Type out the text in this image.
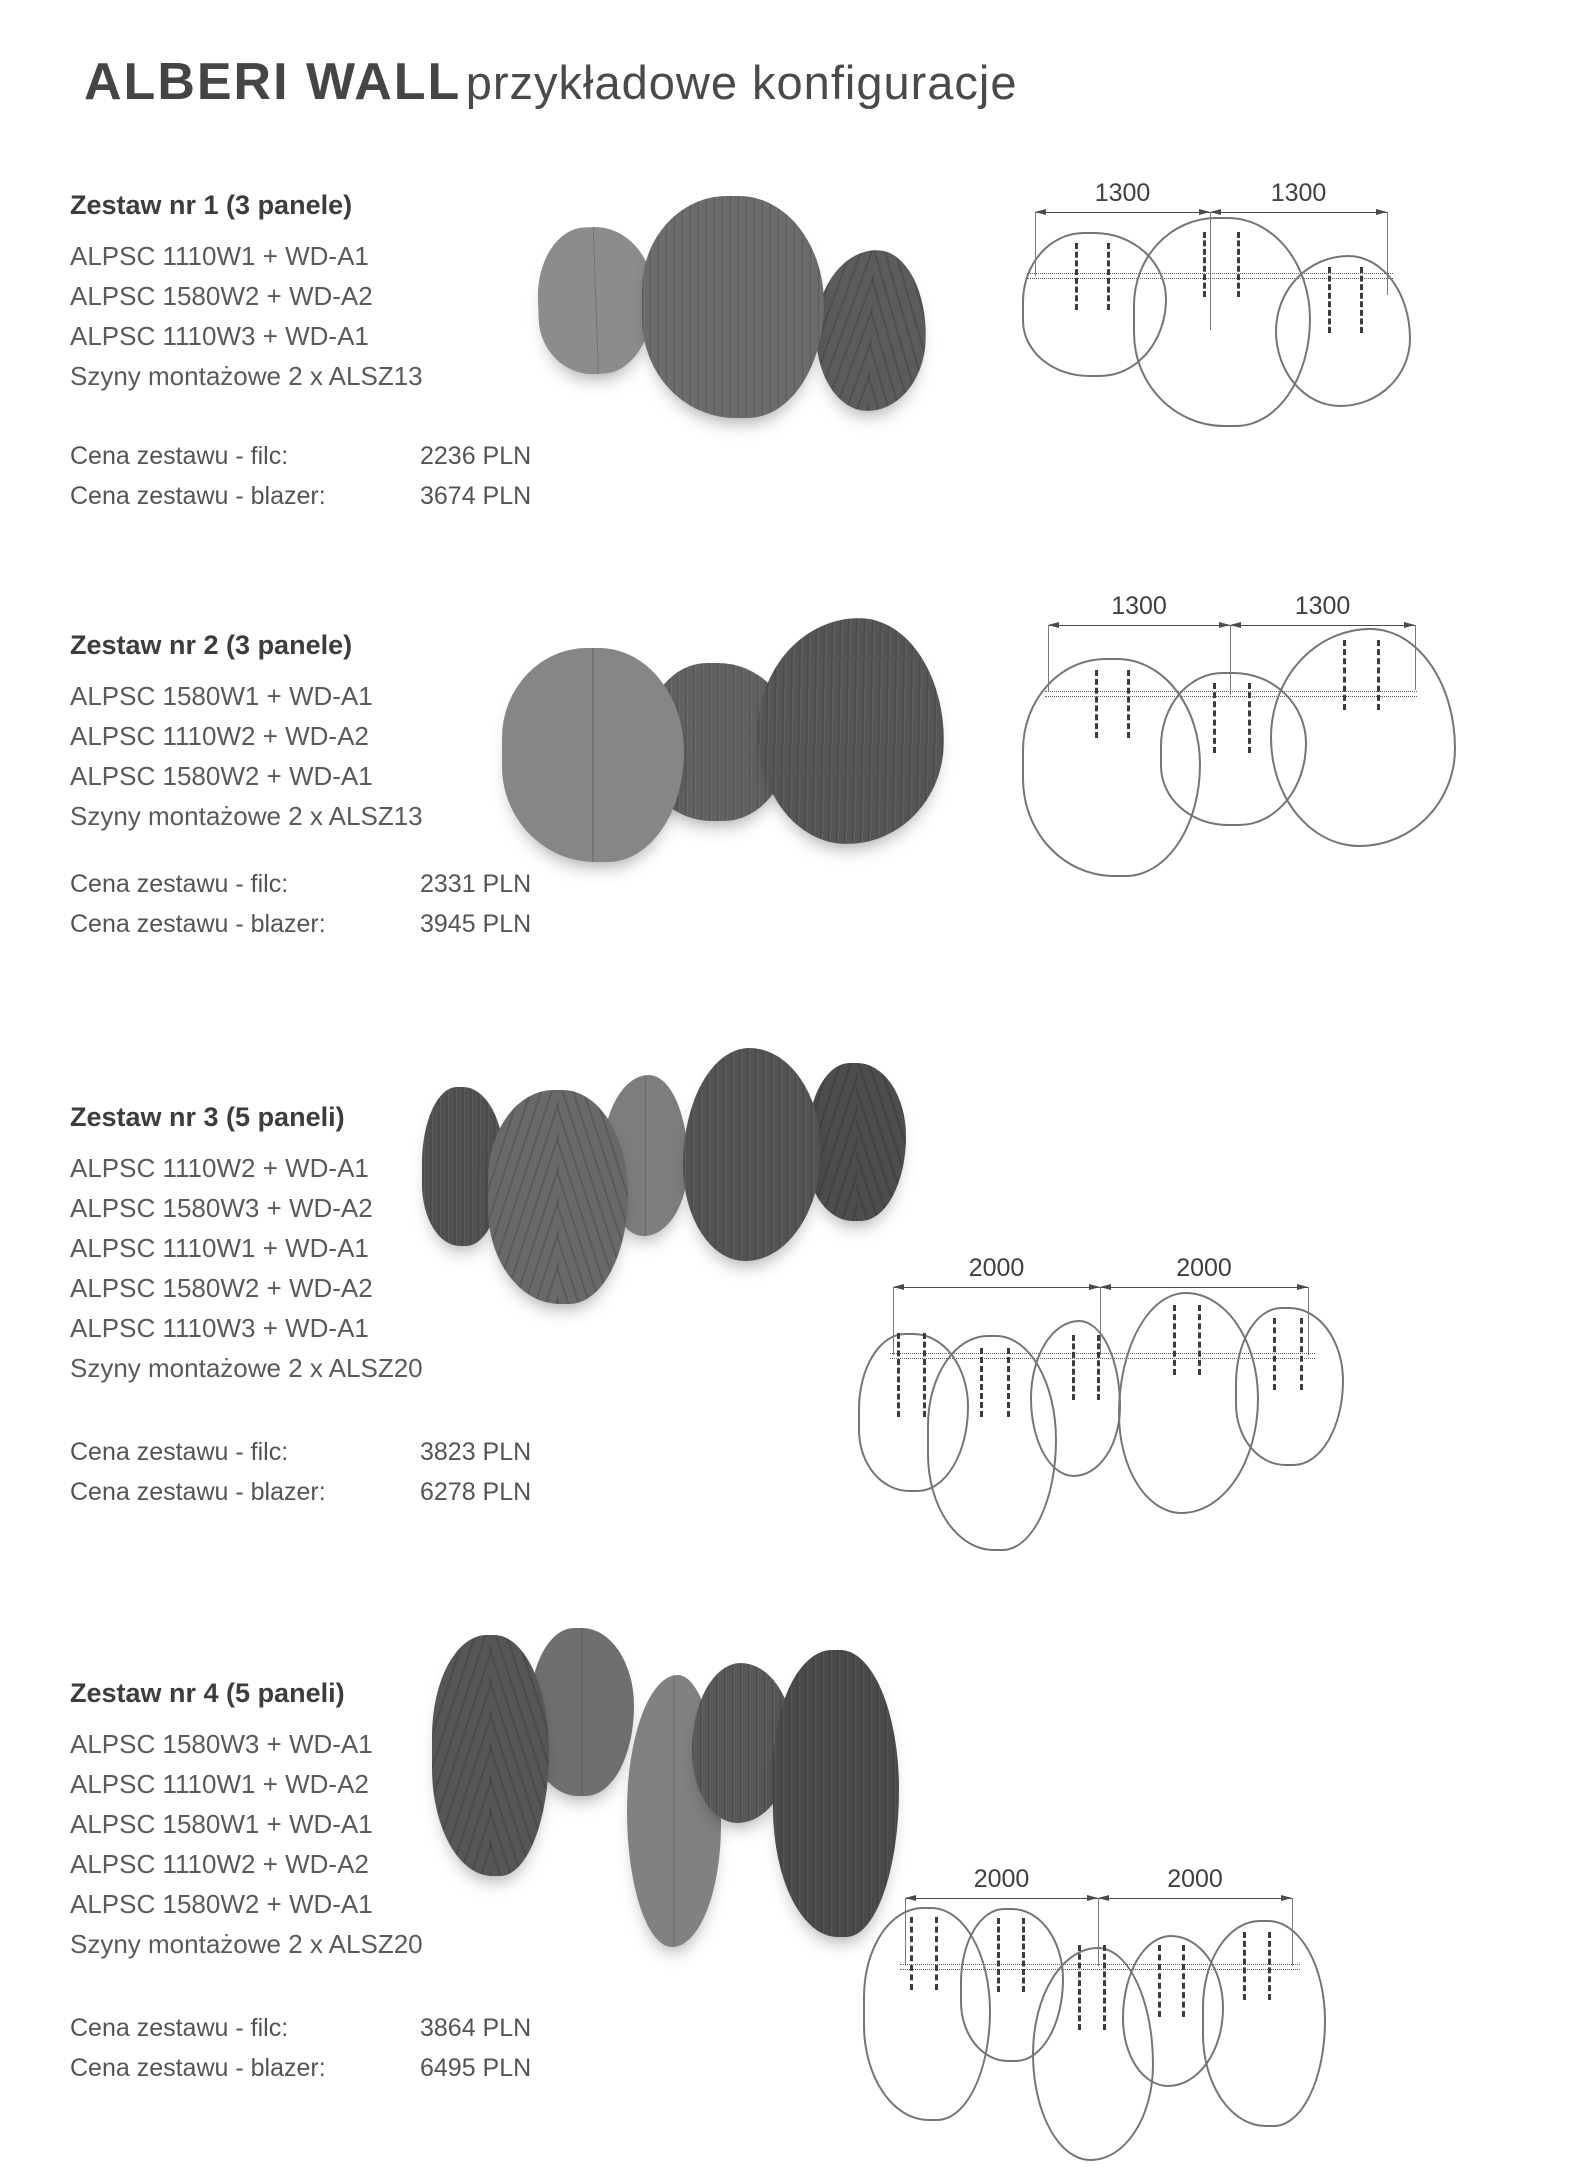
ALBERI WALL przykładowe konfiguracje
Zestaw nr 1 (3 panele)
ALPSC 1110W1 + WD-A1
ALPSC 1580W2 + WD-A2
ALPSC 1110W3 + WD-A1
Szyny montażowe 2 x ALSZ13
Cena zestawu - filc:	2236 PLN
Cena zestawu - blazer:	3674 PLN
1300	1300
Zestaw nr 2 (3 panele)
ALPSC 1580W1 + WD-A1
ALPSC 1110W2 + WD-A2
ALPSC 1580W2 + WD-A1
Szyny montażowe 2 x ALSZ13
Cena zestawu - filc:	2331 PLN
Cena zestawu - blazer:	3945 PLN
1300	1300
Zestaw nr 3 (5 paneli)
ALPSC 1110W2 + WD-A1
ALPSC 1580W3 + WD-A2
ALPSC 1110W1 + WD-A1
ALPSC 1580W2 + WD-A2
ALPSC 1110W3 + WD-A1
Szyny montażowe 2 x ALSZ20
Cena zestawu - filc:	3823 PLN
Cena zestawu - blazer:	6278 PLN
2000	2000
Zestaw nr 4 (5 paneli)
ALPSC 1580W3 + WD-A1
ALPSC 1110W1 + WD-A2
ALPSC 1580W1 + WD-A1
ALPSC 1110W2 + WD-A2
ALPSC 1580W2 + WD-A1
Szyny montażowe 2 x ALSZ20
Cena zestawu - filc:	3864 PLN
Cena zestawu - blazer:	6495 PLN
2000	2000
